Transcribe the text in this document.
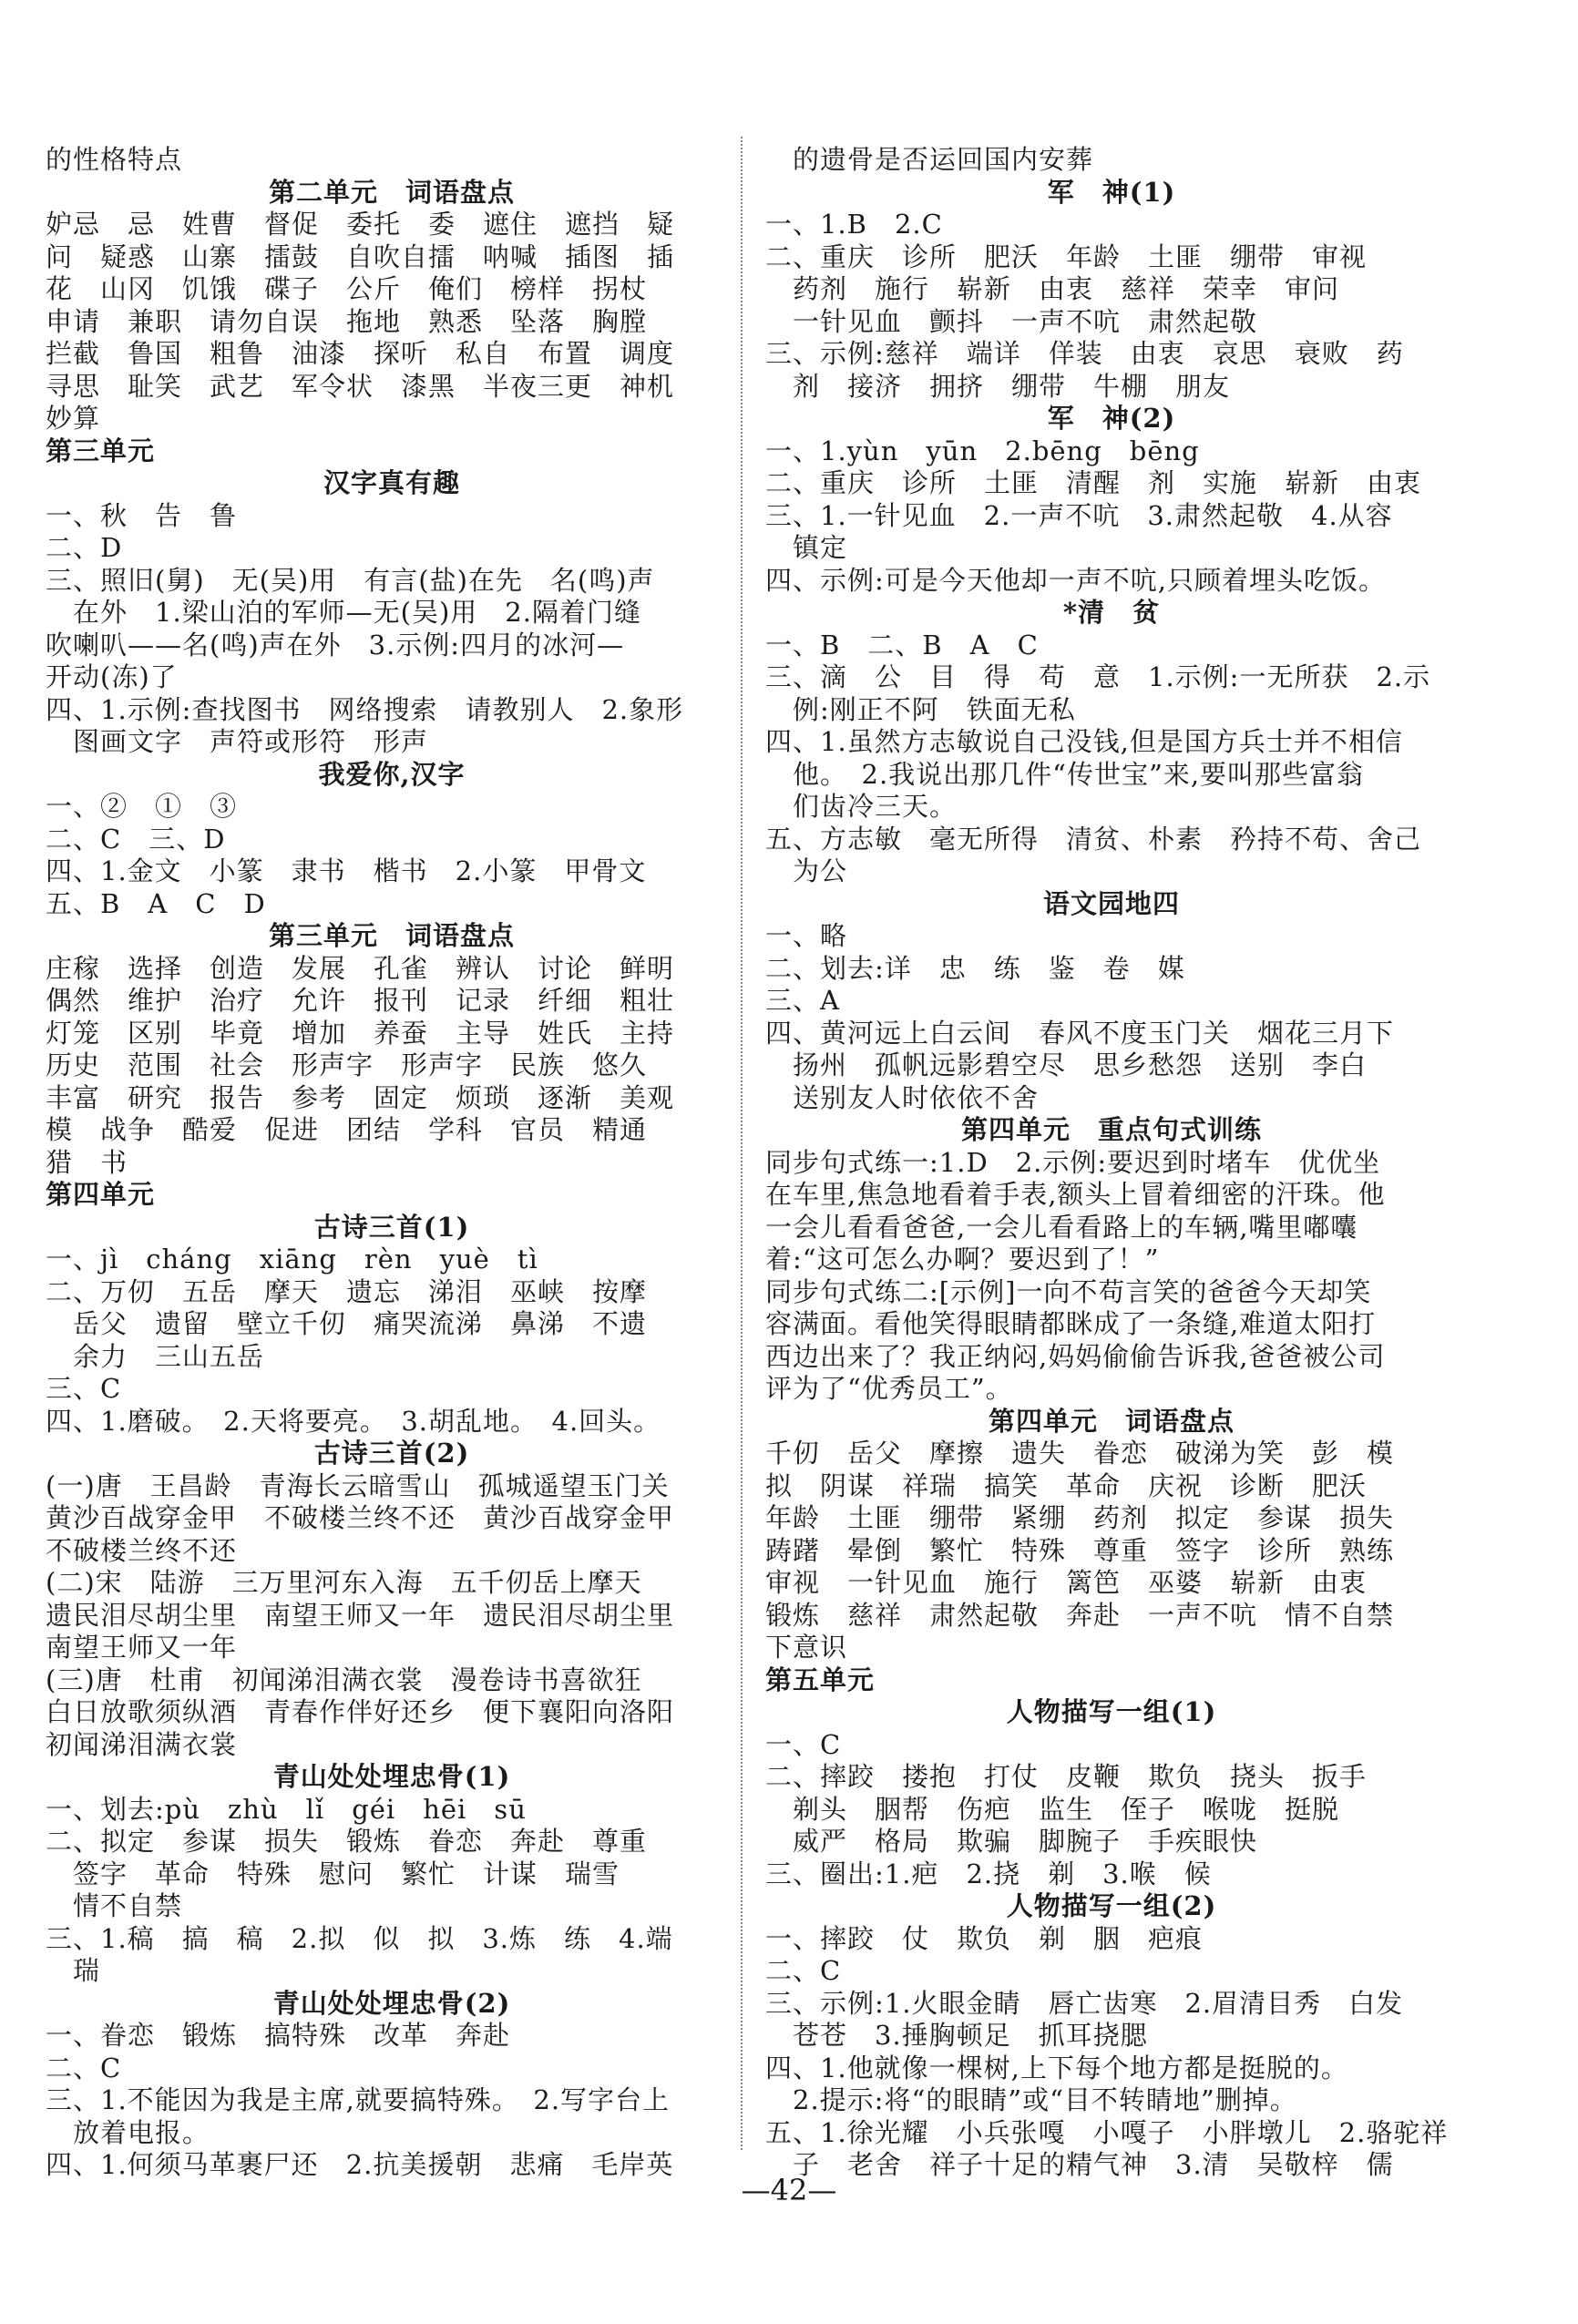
的性格特点
第二单元　词语盘点
妒忌　忌　姓曹　督促　委托　委　遮住　遮挡　疑
问　疑惑　山寨　擂鼓　自吹自擂　呐喊　插图　插
花　山冈　饥饿　碟子　公斤　俺们　榜样　拐杖
申请　兼职　请勿自误　拖地　熟悉　坠落　胸膛
拦截　鲁国　粗鲁　油漆　探听　私自　布置　调度
寻思　耻笑　武艺　军令状　漆黑　半夜三更　神机
妙算
第三单元
汉字真有趣
一、秋　告　鲁
二、D
三、照旧(舅)　无(吴)用　有言(盐)在先　名(鸣)声
　在外　1.梁山泊的军师—无(吴)用　2.隔着门缝
吹喇叭——名(鸣)声在外　3.示例:四月的冰河—
开动(冻)了
四、1.示例:查找图书　网络搜索　请教别人　2.象形
　图画文字　声符或形符　形声
我爱你,汉字
一、②　①　③
二、C　三、D
四、1.金文　小篆　隶书　楷书　2.小篆　甲骨文
五、B　A　C　D
第三单元　词语盘点
庄稼　选择　创造　发展　孔雀　辨认　讨论　鲜明
偶然　维护　治疗　允许　报刊　记录　纤细　粗壮
灯笼　区别　毕竟　增加　养蚕　主导　姓氏　主持
历史　范围　社会　形声字　形声字　民族　悠久
丰富　研究　报告　参考　固定　烦琐　逐渐　美观
模　战争　酷爱　促进　团结　学科　官员　精通
猎　书
第四单元
古诗三首(1)
一、jì　cháng　xiāng　rèn　yuè　tì
二、万仞　五岳　摩天　遗忘　涕泪　巫峡　按摩
　岳父　遗留　壁立千仞　痛哭流涕　鼻涕　不遗
　余力　三山五岳
三、C
四、1.磨破。　2.天将要亮。　3.胡乱地。　4.回头。
古诗三首(2)
(一)唐　王昌龄　青海长云暗雪山　孤城遥望玉门关
黄沙百战穿金甲　不破楼兰终不还　黄沙百战穿金甲
不破楼兰终不还
(二)宋　陆游　三万里河东入海　五千仞岳上摩天
遗民泪尽胡尘里　南望王师又一年　遗民泪尽胡尘里
南望王师又一年
(三)唐　杜甫　初闻涕泪满衣裳　漫卷诗书喜欲狂
白日放歌须纵酒　青春作伴好还乡　便下襄阳向洛阳
初闻涕泪满衣裳
青山处处埋忠骨(1)
一、划去:pù　zhù　lǐ　géi　hēi　sū
二、拟定　参谋　损失　锻炼　眷恋　奔赴　尊重
　签字　革命　特殊　慰问　繁忙　计谋　瑞雪
　情不自禁
三、1.稿　搞　稿　2.拟　似　拟　3.炼　练　4.端
　瑞
青山处处埋忠骨(2)
一、眷恋　锻炼　搞特殊　改革　奔赴
二、C
三、1.不能因为我是主席,就要搞特殊。　2.写字台上
　放着电报。
四、1.何须马革裹尸还　2.抗美援朝　悲痛　毛岸英
　的遗骨是否运回国内安葬
军　神(1)
一、1.B　2.C
二、重庆　诊所　肥沃　年龄　土匪　绷带　审视
　药剂　施行　崭新　由衷　慈祥　荣幸　审问
　一针见血　颤抖　一声不吭　肃然起敬
三、示例:慈祥　端详　佯装　由衷　哀思　衰败　药
　剂　接济　拥挤　绷带　牛棚　朋友
军　神(2)
一、1.yùn　yūn　2.bēng　bēng
二、重庆　诊所　土匪　清醒　剂　实施　崭新　由衷
三、1.一针见血　2.一声不吭　3.肃然起敬　4.从容
　镇定
四、示例:可是今天他却一声不吭,只顾着埋头吃饭。
*清　贫
一、B　二、B　A　C
三、滴　公　目　得　苟　意　1.示例:一无所获　2.示
　例:刚正不阿　铁面无私
四、1.虽然方志敏说自己没钱,但是国方兵士并不相信
　他。　2.我说出那几件“传世宝”来,要叫那些富翁
　们齿冷三天。
五、方志敏　毫无所得　清贫、朴素　矜持不苟、舍己
　为公
语文园地四
一、略
二、划去:详　忠　练　鉴　卷　媒
三、A
四、黄河远上白云间　春风不度玉门关　烟花三月下
　扬州　孤帆远影碧空尽　思乡愁怨　送别　李白
　送别友人时依依不舍
第四单元　重点句式训练
同步句式练一:1.D　2.示例:要迟到时堵车　优优坐
在车里,焦急地看着手表,额头上冒着细密的汗珠。他
一会儿看看爸爸,一会儿看看路上的车辆,嘴里嘟囔
着:“这可怎么办啊？要迟到了！”
同步句式练二:[示例]一向不苟言笑的爸爸今天却笑
容满面。看他笑得眼睛都眯成了一条缝,难道太阳打
西边出来了？我正纳闷,妈妈偷偷告诉我,爸爸被公司
评为了“优秀员工”。
第四单元　词语盘点
千仞　岳父　摩擦　遗失　眷恋　破涕为笑　彭　模
拟　阴谋　祥瑞　搞笑　革命　庆祝　诊断　肥沃
年龄　土匪　绷带　紧绷　药剂　拟定　参谋　损失
踌躇　晕倒　繁忙　特殊　尊重　签字　诊所　熟练
审视　一针见血　施行　篱笆　巫婆　崭新　由衷
锻炼　慈祥　肃然起敬　奔赴　一声不吭　情不自禁
下意识
第五单元
人物描写一组(1)
一、C
二、摔跤　搂抱　打仗　皮鞭　欺负　挠头　扳手
　剃头　胭帮　伤疤　监生　侄子　喉咙　挺脱
　威严　格局　欺骗　脚腕子　手疾眼快
三、圈出:1.疤　2.挠　剃　3.喉　候
人物描写一组(2)
一、摔跤　仗　欺负　剃　胭　疤痕
二、C
三、示例:1.火眼金睛　唇亡齿寒　2.眉清目秀　白发
　苍苍　3.捶胸顿足　抓耳挠腮
四、1.他就像一棵树,上下每个地方都是挺脱的。
　2.提示:将“的眼睛”或“目不转睛地”删掉。
五、1.徐光耀　小兵张嘎　小嘎子　小胖墩儿　2.骆驼祥
　子　老舍　祥子十足的精气神　3.清　吴敬梓　儒
—42—
